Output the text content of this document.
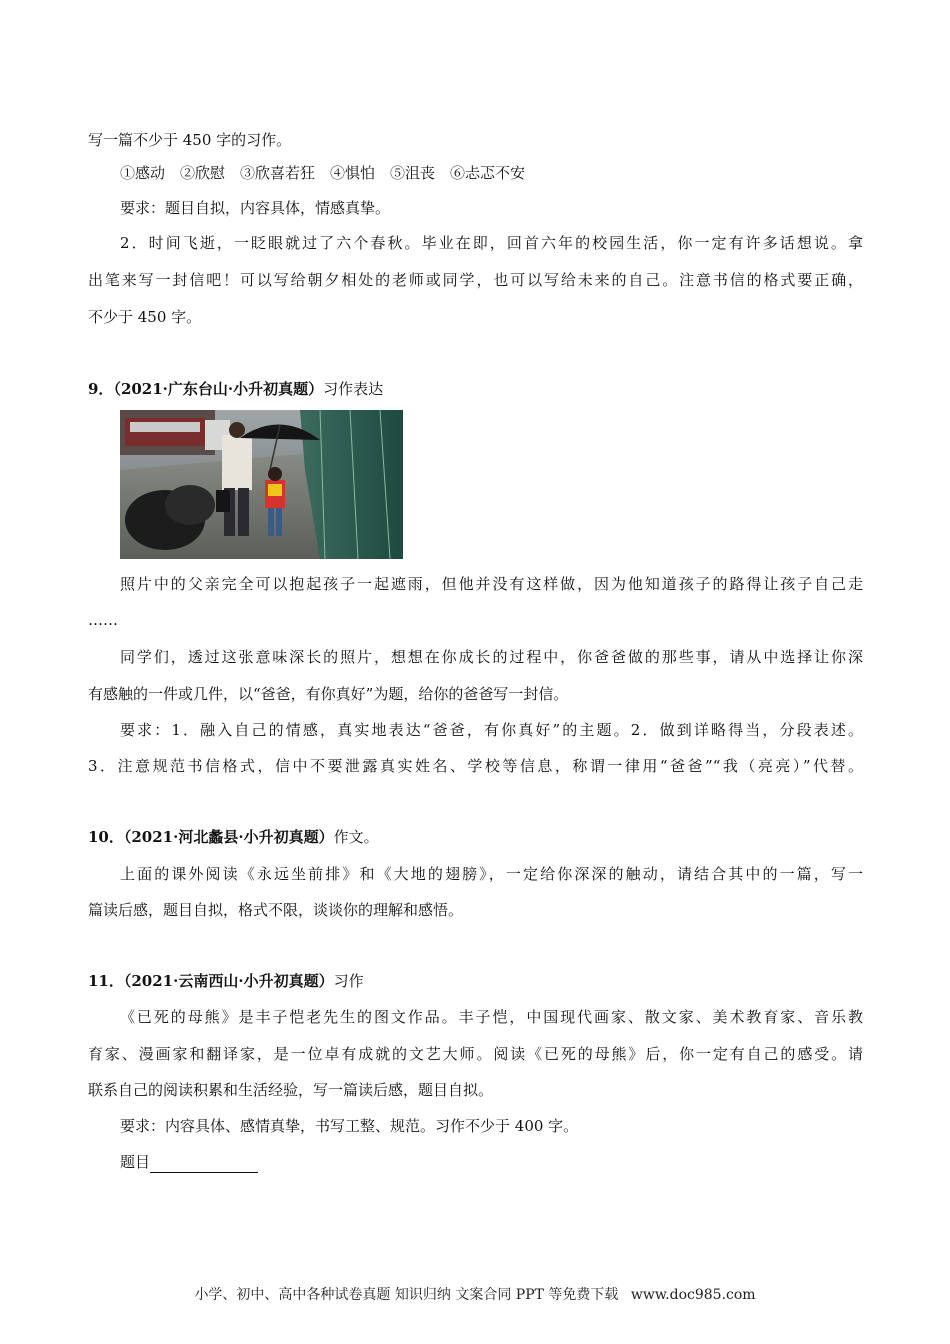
写一篇不少于 450 字的习作。
①感动　②欣慰　③欣喜若狂　④惧怕　⑤沮丧　⑥忐忑不安
要求：题目自拟，内容具体，情感真挚。
2．时间飞逝，一眨眼就过了六个春秋。毕业在即，回首六年的校园生活，你一定有许多话想说。拿
出笔来写一封信吧！可以写给朝夕相处的老师或同学，也可以写给未来的自己。注意书信的格式要正确，
不少于 450 字。
9．（2021·广东台山·小升初真题）习作表达
照片中的父亲完全可以抱起孩子一起遮雨，但他并没有这样做，因为他知道孩子的路得让孩子自己走
……
同学们，透过这张意味深长的照片，想想在你成长的过程中，你爸爸做的那些事，请从中选择让你深
有感触的一件或几件，以“爸爸，有你真好”为题，给你的爸爸写一封信。
要求：1．融入自己的情感，真实地表达“爸爸，有你真好”的主题。2．做到详略得当，分段表述。
3．注意规范书信格式，信中不要泄露真实姓名、学校等信息，称谓一律用“爸爸”“我（亮亮）”代替。
10．（2021·河北蠡县·小升初真题）作文。
上面的课外阅读《永远坐前排》和《大地的翅膀》，一定给你深深的触动，请结合其中的一篇，写一
篇读后感，题目自拟，格式不限，谈谈你的理解和感悟。
11．（2021·云南西山·小升初真题）习作
《已死的母熊》是丰子恺老先生的图文作品。丰子恺，中国现代画家、散文家、美术教育家、音乐教
育家、漫画家和翻译家，是一位卓有成就的文艺大师。阅读《已死的母熊》后，你一定有自己的感受。请
联系自己的阅读积累和生活经验，写一篇读后感，题目自拟。
要求：内容具体、感情真挚，书写工整、规范。习作不少于 400 字。
题目
小学、初中、高中各种试卷真题 知识归纳 文案合同 PPT 等免费下载 www.doc985.com
